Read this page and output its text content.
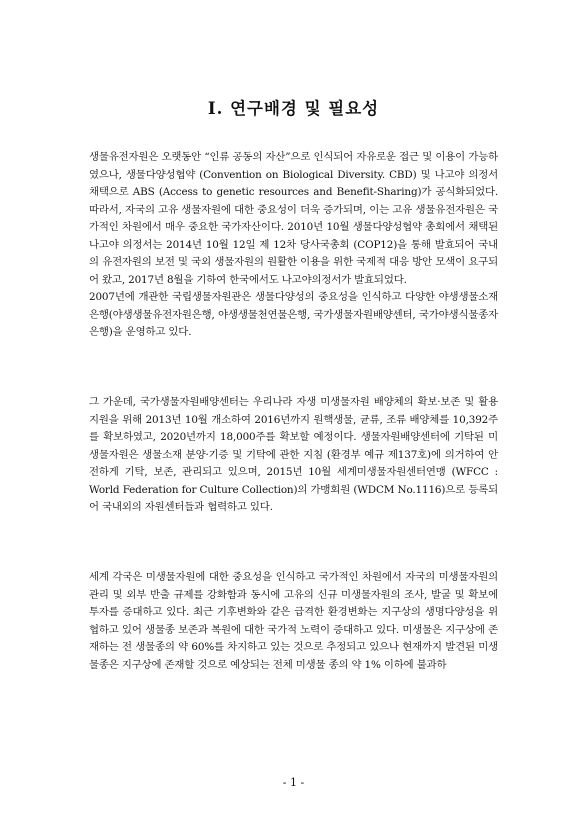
Ⅰ. 연구배경 및 필요성

생물유전자원은 오랫동안 “인류 공동의 자산”으로 인식되어 자유로운 접근 및 이용이 가능하였으나, 생물다양성협약 (Convention on Biological Diversity. CBD) 및 나고야 의정서 채택으로 ABS (Access to genetic resources and Benefit-Sharing)가 공식화되었다. 따라서, 자국의 고유 생물자원에 대한 중요성이 더욱 증가되며, 이는 고유 생물유전자원은 국가적인 차원에서 매우 중요한 국가자산이다. 2010년 10월 생물다양성협약 총회에서 채택된 나고야 의정서는 2014년 10월 12일 제 12차 당사국총회 (COP12)을 통해 발효되어 국내의 유전자원의 보전 및 국외 생물자원의 원활한 이용을 위한 국제적 대응 방안 모색이 요구되어 왔고, 2017년 8월을 기하여 한국에서도 나고야의정서가 발효되었다.

2007년에 개관한 국립생물자원관은 생물다양성의 중요성을 인식하고 다양한 야생생물소재은행(야생생물유전자원은행, 야생생물천연물은행, 국가생물자원배양센터, 국가야생식물종자은행)을 운영하고 있다.

그 가운데, 국가생물자원배양센터는 우리나라 자생 미생물자원 배양체의 확보·보존 및 활용지원을 위해 2013년 10월 개소하여 2016년까지 원핵생물, 균류, 조류 배양체를 10,392주를 확보하였고, 2020년까지 18,000주를 확보할 예정이다. 생물자원배양센터에 기탁된 미생물자원은 생물소재 분양·기증 및 기탁에 관한 지침 (환경부 예규 제137호)에 의거하여 안전하게 기탁, 보존, 관리되고 있으며, 2015년 10월 세계미생물자원센터연맹 (WFCC : World Federation for Culture Collection)의 가맹회원 (WDCM No.1116)으로 등록되어 국내외의 자원센터들과 협력하고 있다.

세계 각국은 미생물자원에 대한 중요성을 인식하고 국가적인 차원에서 자국의 미생물자원의 관리 및 외부 반출 규제를 강화함과 동시에 고유의 신규 미생물자원의 조사, 발굴 및 확보에 투자를 증대하고 있다. 최근 기후변화와 같은 급격한 환경변화는 지구상의 생명다양성을 위협하고 있어 생물종 보존과 복원에 대한 국가적 노력이 증대하고 있다. 미생물은 지구상에 존재하는 전 생물종의 약 60%를 차지하고 있는 것으로 추정되고 있으나 현재까지 발견된 미생물종은 지구상에 존재할 것으로 예상되는 전체 미생물 종의 약 1% 이하에 불과하

- 1 -
